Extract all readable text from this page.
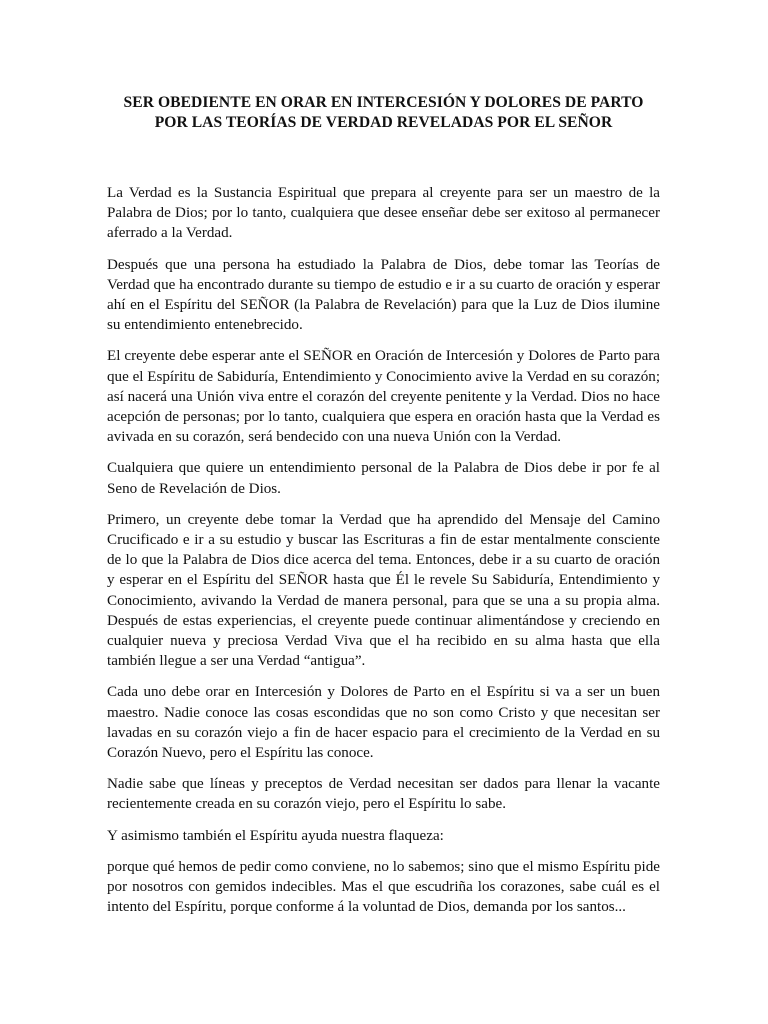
SER OBEDIENTE EN ORAR EN INTERCESIÓN Y DOLORES DE PARTO POR LAS TEORÍAS DE VERDAD REVELADAS POR EL SEÑOR

La Verdad es la Sustancia Espiritual que prepara al creyente para ser un maestro de la Palabra de Dios; por lo tanto, cualquiera que desee enseñar debe ser exitoso al permanecer aferrado a la Verdad.

Después que una persona ha estudiado la Palabra de Dios, debe tomar las Teorías de Verdad que ha encontrado durante su tiempo de estudio e ir a su cuarto de oración y esperar ahí en el Espíritu del SEÑOR (la Palabra de Revelación) para que la Luz de Dios ilumine su entendimiento entenebrecido.

El creyente debe esperar ante el SEÑOR en Oración de Intercesión y Dolores de Parto para que el Espíritu de Sabiduría, Entendimiento y Conocimiento avive la Verdad en su corazón; así nacerá una Unión viva entre el corazón del creyente penitente y la Verdad. Dios no hace acepción de personas; por lo tanto, cualquiera que espera en oración hasta que la Verdad es avivada en su corazón, será bendecido con una nueva Unión con la Verdad.

Cualquiera que quiere un entendimiento personal de la Palabra de Dios debe ir por fe al Seno de Revelación de Dios.

Primero, un creyente debe tomar la Verdad que ha aprendido del Mensaje del Camino Crucificado e ir a su estudio y buscar las Escrituras a fin de estar mentalmente consciente de lo que la Palabra de Dios dice acerca del tema. Entonces, debe ir a su cuarto de oración y esperar en el Espíritu del SEÑOR hasta que Él le revele Su Sabiduría, Entendimiento y Conocimiento, avivando la Verdad de manera personal, para que se una a su propia alma. Después de estas experiencias, el creyente puede continuar alimentándose y creciendo en cualquier nueva y preciosa Verdad Viva que el ha recibido en su alma hasta que ella también llegue a ser una Verdad “antigua”.

Cada uno debe orar en Intercesión y Dolores de Parto en el Espíritu si va a ser un buen maestro. Nadie conoce las cosas escondidas que no son como Cristo y que necesitan ser lavadas en su corazón viejo a fin de hacer espacio para el crecimiento de la Verdad en su Corazón Nuevo, pero el Espíritu las conoce.

Nadie sabe que líneas y preceptos de Verdad necesitan ser dados para llenar la vacante recientemente creada en su corazón viejo, pero el Espíritu lo sabe.

Y asimismo también el Espíritu ayuda nuestra flaqueza:

porque qué hemos de pedir como conviene, no lo sabemos; sino que el mismo Espíritu pide por nosotros con gemidos indecibles. Mas el que escudriña los corazones, sabe cuál es el intento del Espíritu, porque conforme á la voluntad de Dios, demanda por los santos...
